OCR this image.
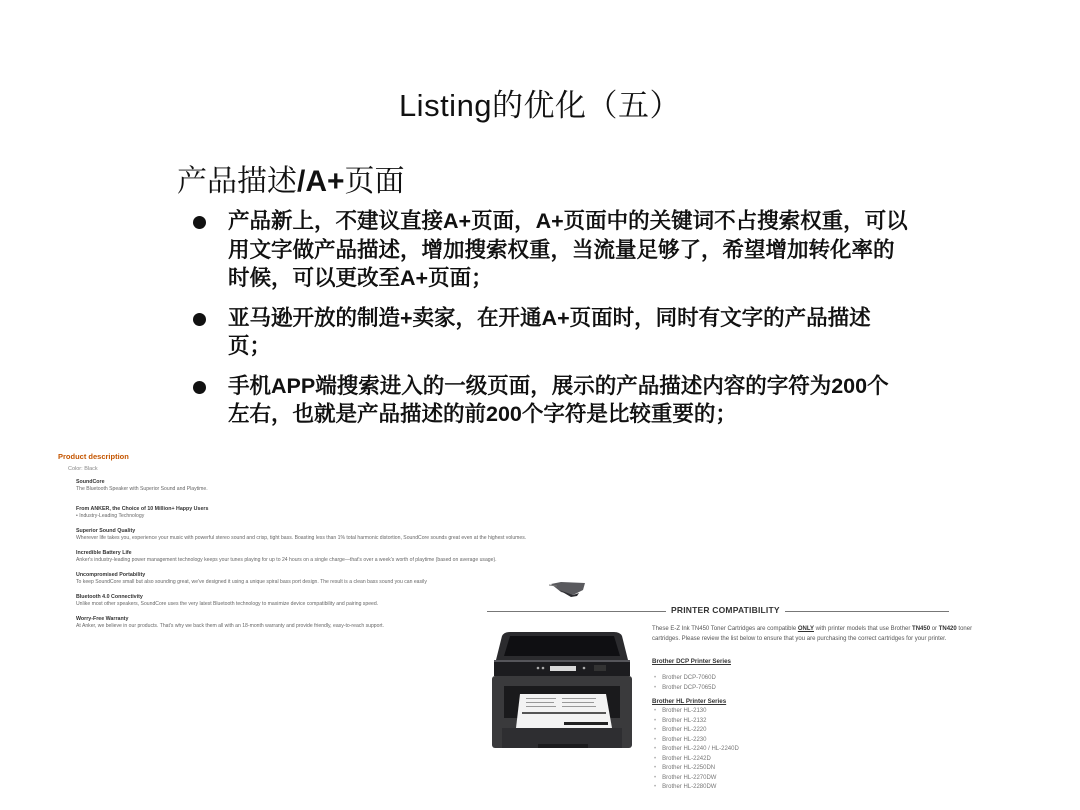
Listing的优化（五）
产品描述/A+页面
产品新上，不建议直接A+页面，A+页面中的关键词不占搜索权重，可以用文字做产品描述，增加搜索权重，当流量足够了，希望增加转化率的时候，可以更改至A+页面；
亚马逊开放的制造+卖家，在开通A+页面时，同时有文字的产品描述页；
手机APP端搜索进入的一级页面，展示的产品描述内容的字符为200个左右，也就是产品描述的前200个字符是比较重要的；
Product description
Color: Black
SoundCore
The Bluetooth Speaker with Superior Sound and Playtime.
From ANKER, the Choice of 10 Million+ Happy Users
• Industry-Leading Technology
Superior Sound Quality
Wherever life takes you, experience your music with powerful stereo sound and crisp, tight bass. Boasting less than 1% total harmonic distortion, SoundCore sounds great even at the highest volumes.
Incredible Battery Life
Anker's industry-leading power management technology keeps your tunes playing for up to 24 hours on a single charge—that's over a week's worth of playtime (based on average usage).
Uncompromised Portability
To keep SoundCore small but also sounding great, we've designed it using a unique spiral bass port design. The result is a clean bass sound you can easily
Bluetooth 4.0 Connectivity
Unlike most other speakers, SoundCore uses the very latest Bluetooth technology to maximize device compatibility and pairing speed.
Worry-Free Warranty
At Anker, we believe in our products. That's why we back them all with an 18-month warranty and provide friendly, easy-to-reach support.
PRINTER COMPATIBILITY
These E-Z Ink TN450 Toner Cartridges are compatible ONLY with printer models that use Brother TN450 or TN420 toner cartridges. Please review the list below to ensure that you are purchasing the correct cartridges for your printer.
Brother DCP Printer Series
• Brother DCP-7060D
• Brother DCP-7065D
Brother HL Printer Series
• Brother HL-2130
• Brother HL-2132
• Brother HL-2220
• Brother HL-2230
• Brother HL-2240 / HL-2240D
• Brother HL-2242D
• Brother HL-2250DN
• Brother HL-2270DW
• Brother HL-2280DW
